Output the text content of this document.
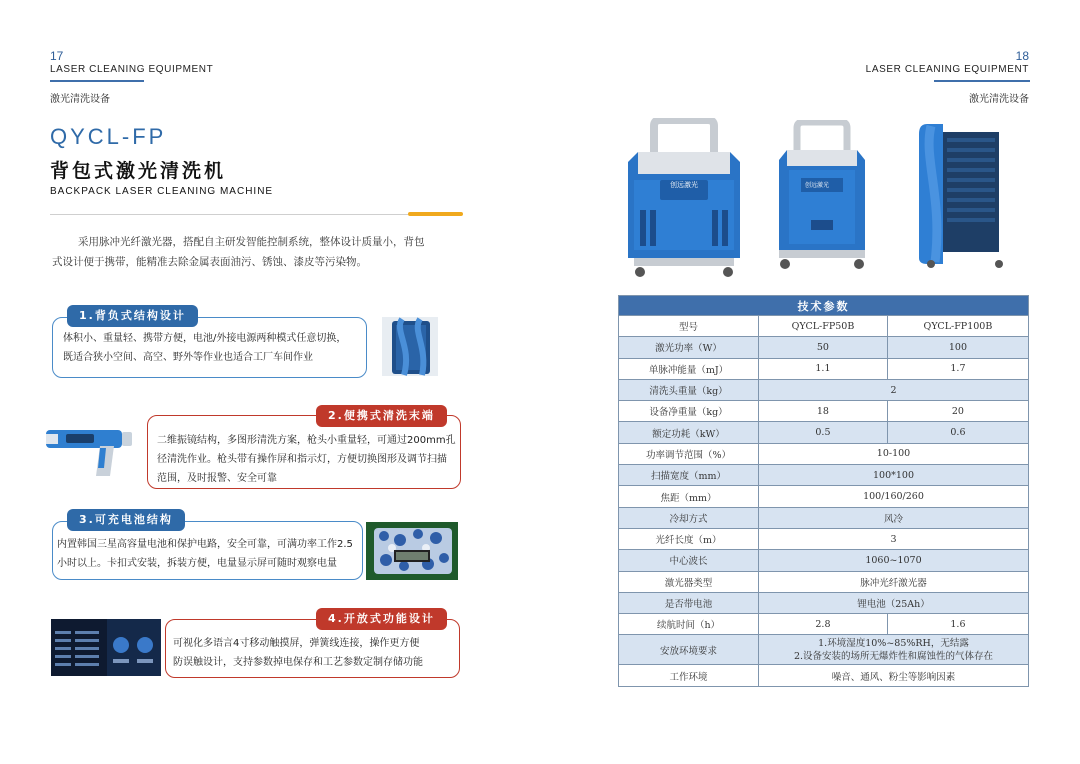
17
LASER CLEANING EQUIPMENT
激光清洗设备
18
LASER CLEANING EQUIPMENT
激光清洗设备
QYCL-FP
背包式激光清洗机
BACKPACK LASER CLEANING MACHINE
采用脉冲光纤激光器，搭配自主研发智能控制系统，整体设计质量小，背包
式设计便于携带，能精准去除金属表面油污、锈蚀、漆皮等污染物。
1.背负式结构设计
体积小、重量轻、携带方便，电池/外接电源两种模式任意切换，
既适合狭小空间、高空、野外等作业也适合工厂车间作业
2.便携式清洗末端
二维振镜结构，多图形清洗方案，枪头小重量轻，可通过200mm孔
径清洗作业。枪头带有操作屏和指示灯，方便切换图形及调节扫描
范围，及时报警、安全可靠
3.可充电池结构
内置韩国三星高容量电池和保护电路，安全可靠，可满功率工作2.5
小时以上。卡扣式安装，拆装方便，电量显示屏可随时观察电量
4.开放式功能设计
可视化多语言4寸移动触摸屏，弹簧线连接，操作更方便
防误触设计，支持参数掉电保存和工艺参数定制存储功能
创远激光	创远激光
技术参数		
型号	QYCL-FP50B	QYCL-FP100B
激光功率（W）	50	100
单脉冲能量（mJ）	1.1	1.7
清洗头重量（kg）	2	
设备净重量（kg）	18	20
额定功耗（kW）	0.5	0.6
功率调节范围（%）	10-100	
扫描宽度（mm）	100*100	
焦距（mm）	100/160/260	
冷却方式	风冷	
光纤长度（m）	3	
中心波长	1060~1070	
激光器类型	脉冲光纤激光器	
是否带电池	锂电池（25Ah）	
续航时间（h）	2.8	1.6
安放环境要求	1.环境湿度10%~85%RH，无结露
2.设备安装的场所无爆炸性和腐蚀性的气体存在	

工作环境	噪音、通风、粉尘等影响因素	
